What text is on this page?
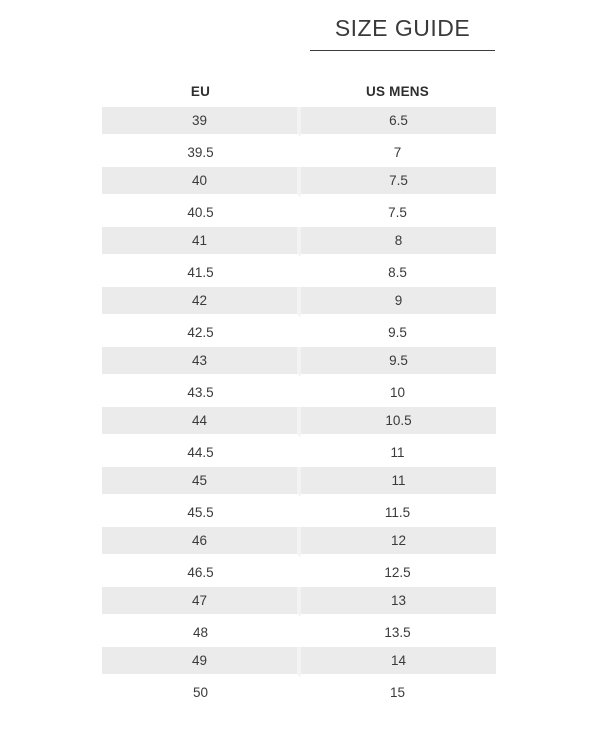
SIZE GUIDE
EU	US MENS
39	6.5
39.5	7
40	7.5
40.5	7.5
41	8
41.5	8.5
42	9
42.5	9.5
43	9.5
43.5	10
44	10.5
44.5	11
45	11
45.5	11.5
46	12
46.5	12.5
47	13
48	13.5
49	14
50	15
